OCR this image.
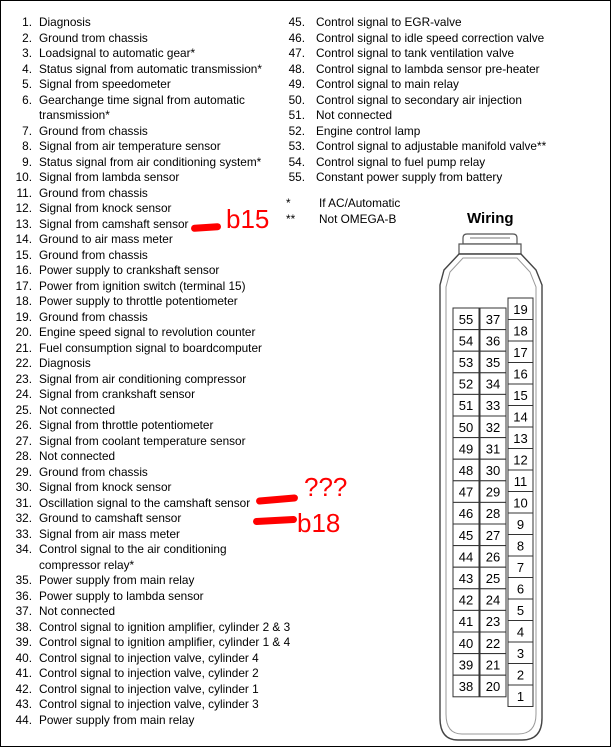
1. Diagnosis
2. Ground trom chassis
3. Loadsignal to automatic gear*
4. Status signal from automatic transmission*
5. Signal from speedometer
6. Gearchange time signal from automatic transmission*
7. Ground from chassis
8. Signal from air temperature sensor
9. Status signal from air conditioning system*
10. Signal from lambda sensor
11. Ground from chassis
12. Signal from knock sensor
13. Signal from camshaft sensor
14. Ground to air mass meter
15. Ground from chassis
16. Power supply to crankshaft sensor
17. Power from ignition switch (terminal 15)
18. Power supply to throttle potentiometer
19. Ground from chassis
20. Engine speed signal to revolution counter
21. Fuel consumption signal to boardcomputer
22. Diagnosis
23. Signal from air conditioning compressor
24. Signal from crankshaft sensor
25. Not connected
26. Signal from throttle potentiometer
27. Signal from coolant temperature sensor
28. Not connected
29. Ground from chassis
30. Signal from knock sensor
31. Oscillation signal to the camshaft sensor
32. Ground to camshaft sensor
33. Signal from air mass meter
34. Control signal to the air conditioning compressor relay*
35. Power supply from main relay
36. Power supply to lambda sensor
37. Not connected
38. Control signal to ignition amplifier, cylinder 2 & 3
39. Control signal to ignition amplifier, cylinder 1 & 4
40. Control signal to injection valve, cylinder 4
41. Control signal to injection valve, cylinder 2
42. Control signal to injection valve, cylinder 1
43. Control signal to injection valve, cylinder 3
44. Power supply from main relay
45. Control signal to EGR-valve
46. Control signal to idle speed correction valve
47. Control signal to tank ventilation valve
48. Control signal to lambda sensor pre-heater
49. Control signal to main relay
50. Control signal to secondary air injection
51. Not connected
52. Engine control lamp
53. Control signal to adjustable manifold valve**
54. Control signal to fuel pump relay
55. Constant power supply from battery
*	If AC/Automatic
**	Not OMEGA-B
b15
???
b18
Wiring
55
54
53
52
51
50
49
48
47
46
45
44
43
42
41
40
39
38
37
36
35
34
33
32
31
30
29
28
27
26
25
24
23
22
21
20
19
18
17
16
15
14
13
12
11
10
9
8
7
6
5
4
3
2
1
